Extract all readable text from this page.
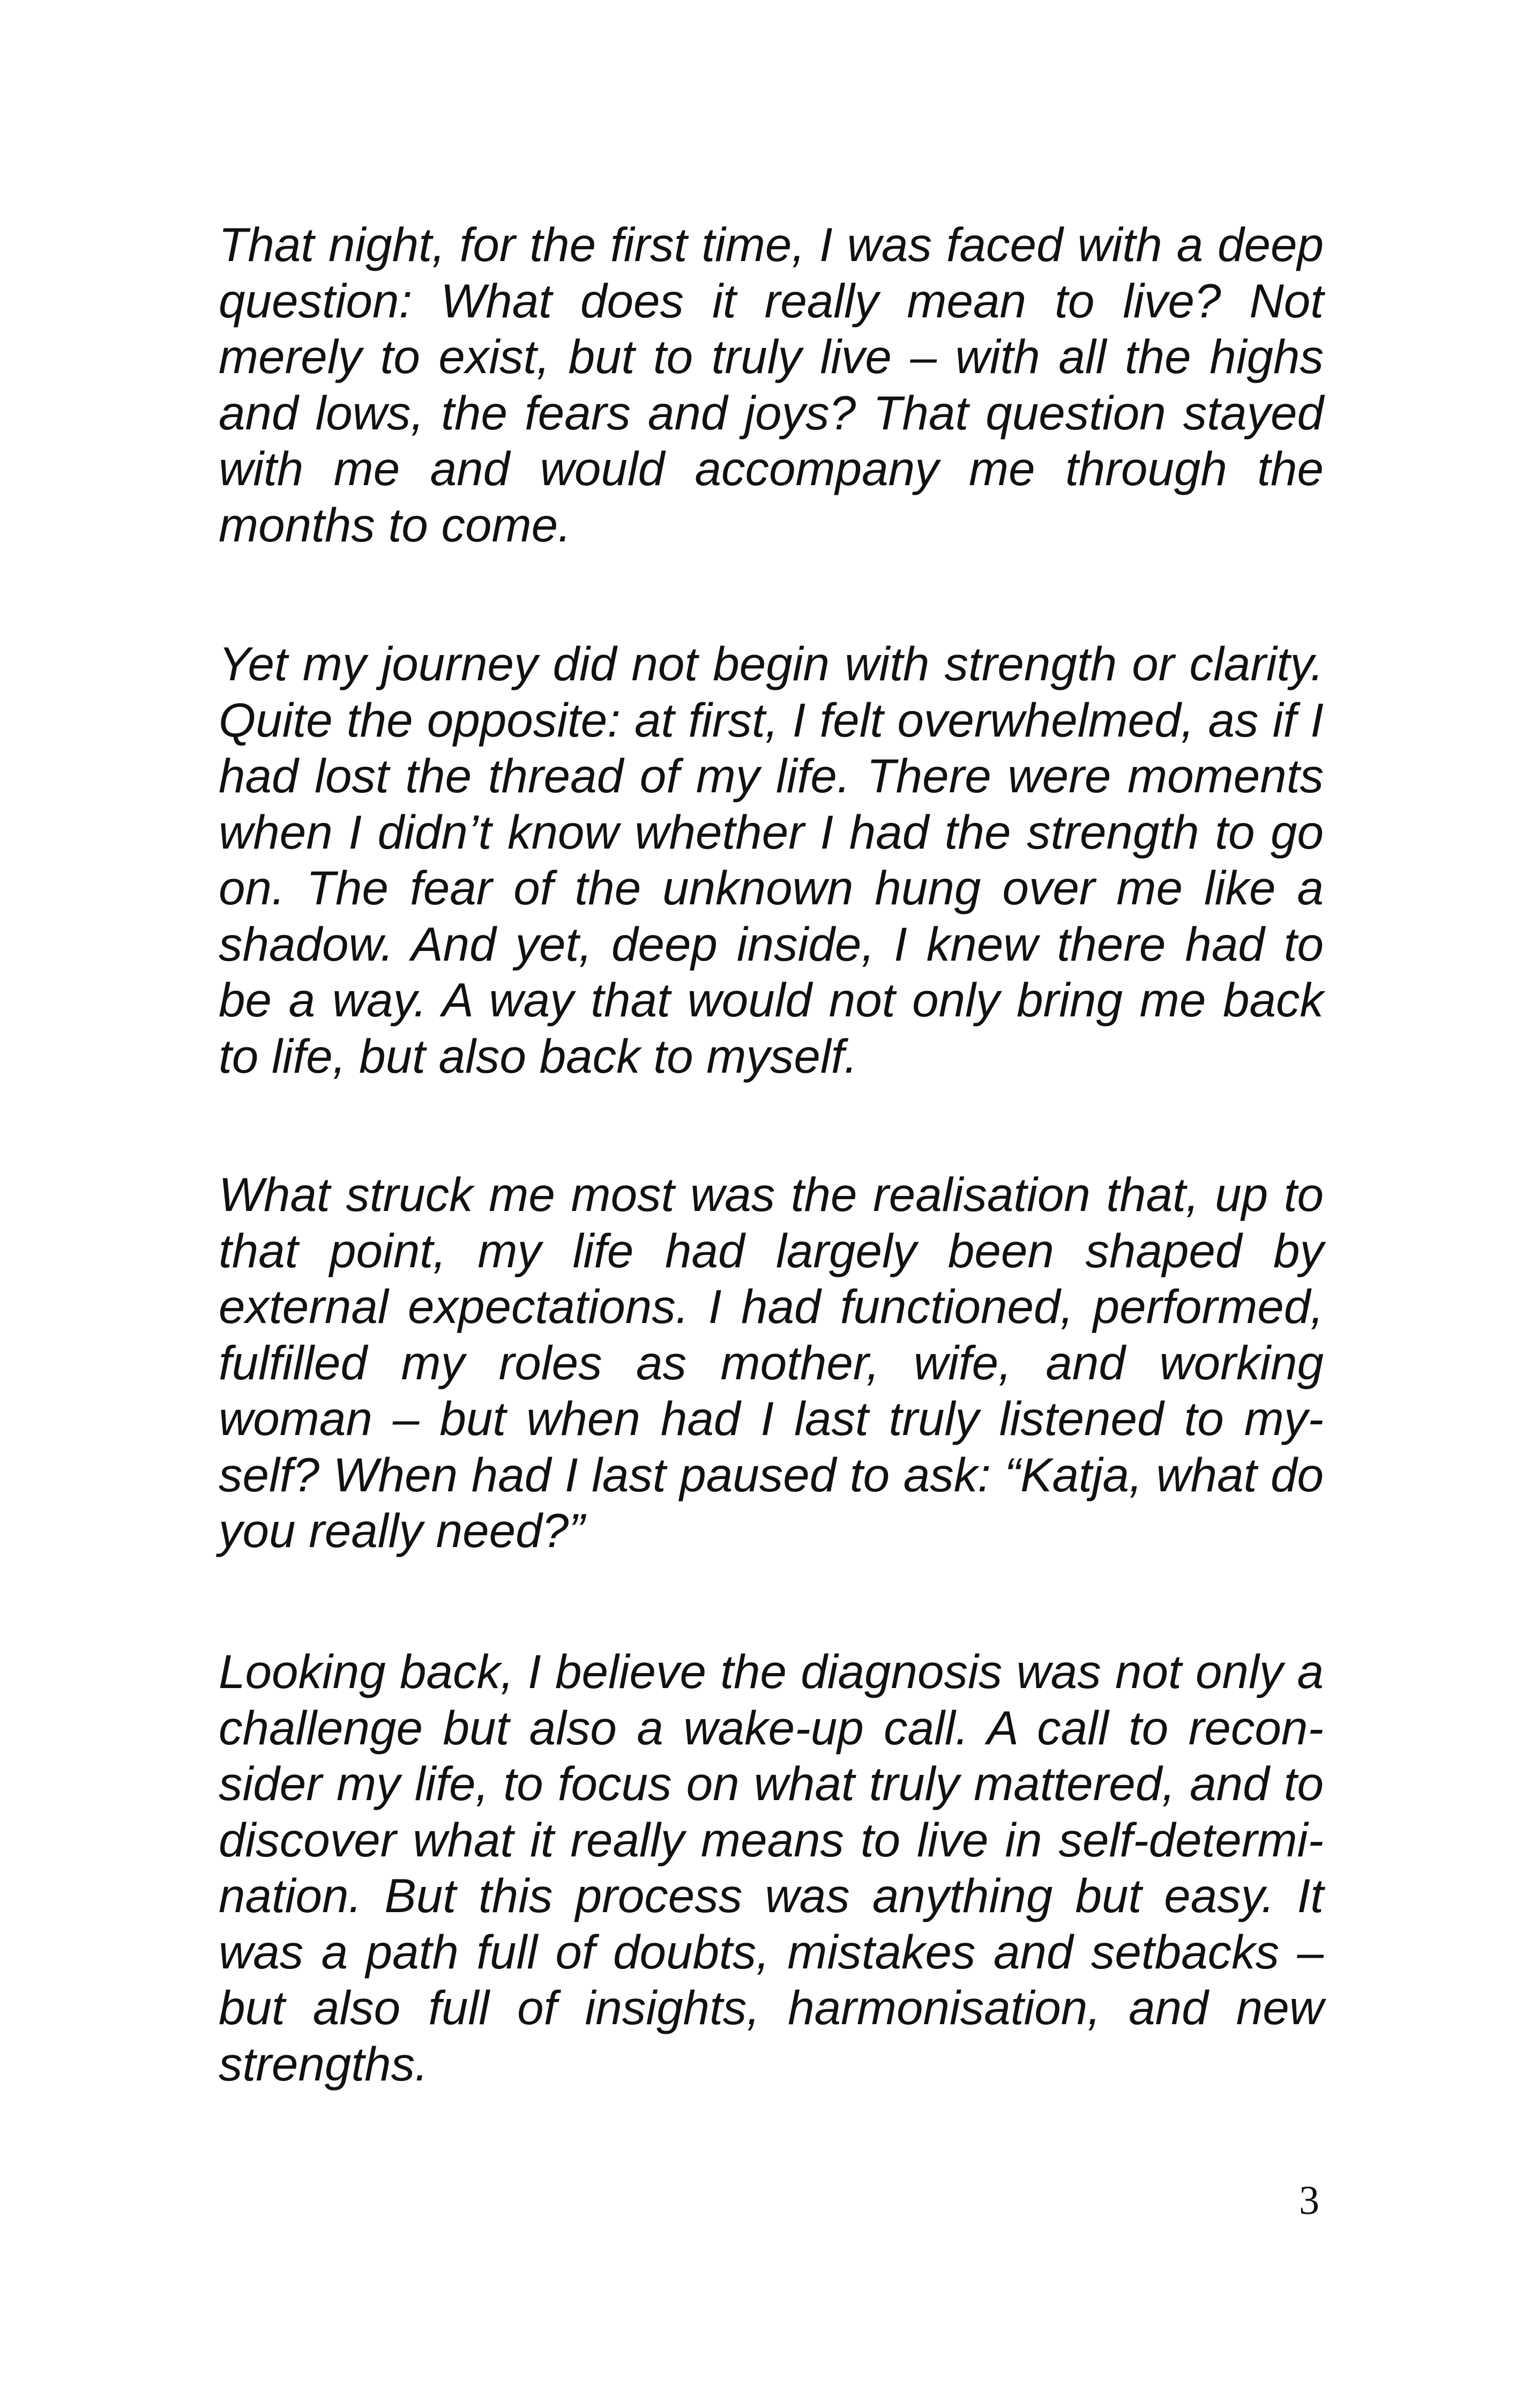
That night, for the first time, I was faced with a deep question: What does it really mean to live? Not merely to exist, but to truly live – with all the highs and lows, the fears and joys? That question stayed with me and would accompany me through the months to come.

Yet my journey did not begin with strength or clarity. Quite the opposite: at first, I felt overwhelmed, as if I had lost the thread of my life. There were moments when I didn’t know whether I had the strength to go on. The fear of the unknown hung over me like a shadow. And yet, deep inside, I knew there had to be a way. A way that would not only bring me back to life, but also back to myself.

What struck me most was the realisation that, up to that point, my life had largely been shaped by external expectations. I had functioned, performed, fulfilled my roles as mother, wife, and working woman – but when had I last truly listened to myself? When had I last paused to ask: “Katja, what do you really need?”

Looking back, I believe the diagnosis was not only a challenge but also a wake-up call. A call to reconsider my life, to focus on what truly mattered, and to discover what it really means to live in self-determination. But this process was anything but easy. It was a path full of doubts, mistakes and setbacks – but also full of insights, harmonisation, and new strengths.

3
